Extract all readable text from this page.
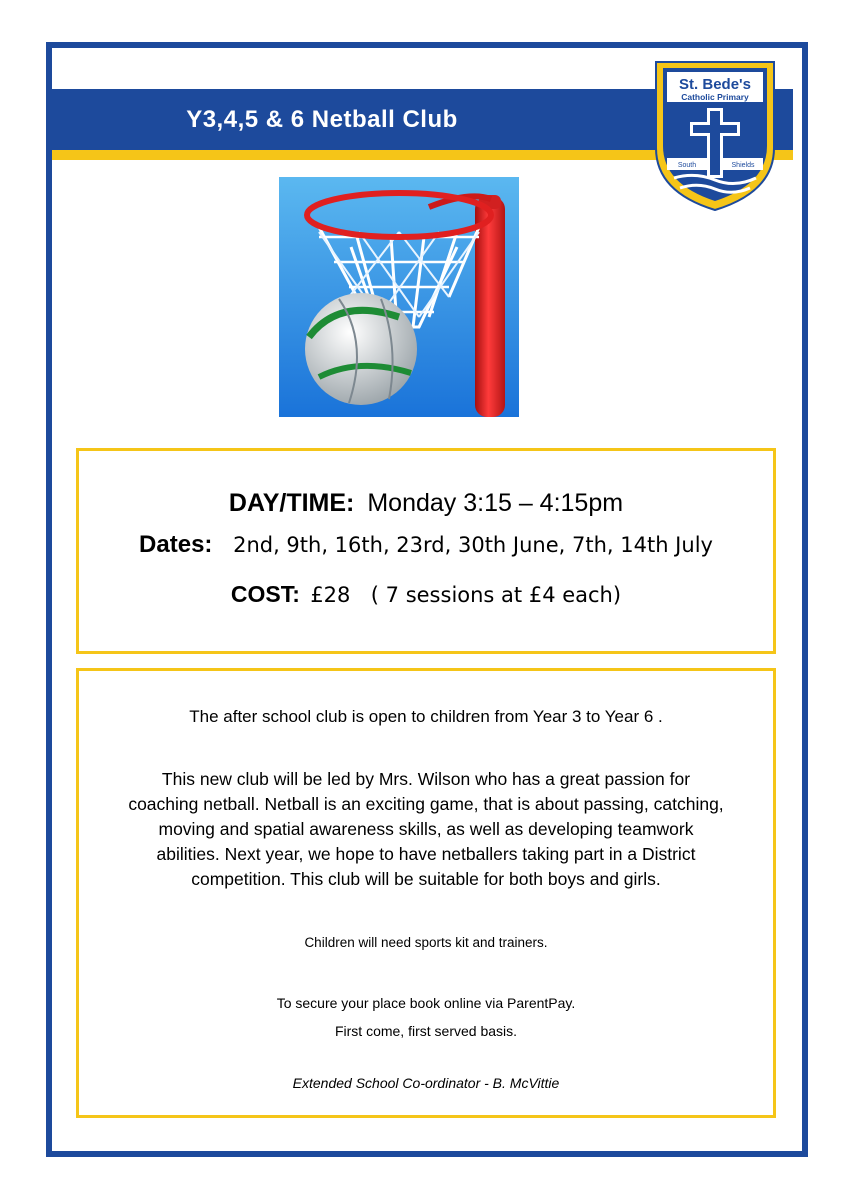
Y3,4,5 & 6 Netball Club
St. Bede's
Catholic Primary
South	Shields
DAY/TIME: Monday 3:15 – 4:15pm
Dates: 2nd, 9th, 16th, 23rd, 30th June, 7th, 14th July
COST: £28 ( 7 sessions at £4 each)
The after school club is open to children from Year 3 to Year 6 .
This new club will be led by Mrs. Wilson who has a great passion for
coaching netball. Netball is an exciting game, that is about passing, catching,
moving and spatial awareness skills, as well as developing teamwork
abilities. Next year, we hope to have netballers taking part in a District
competition. This club will be suitable for both boys and girls.
Children will need sports kit and trainers.
To secure your place book online via ParentPay.
First come, first served basis.
Extended School Co-ordinator - B. McVittie
